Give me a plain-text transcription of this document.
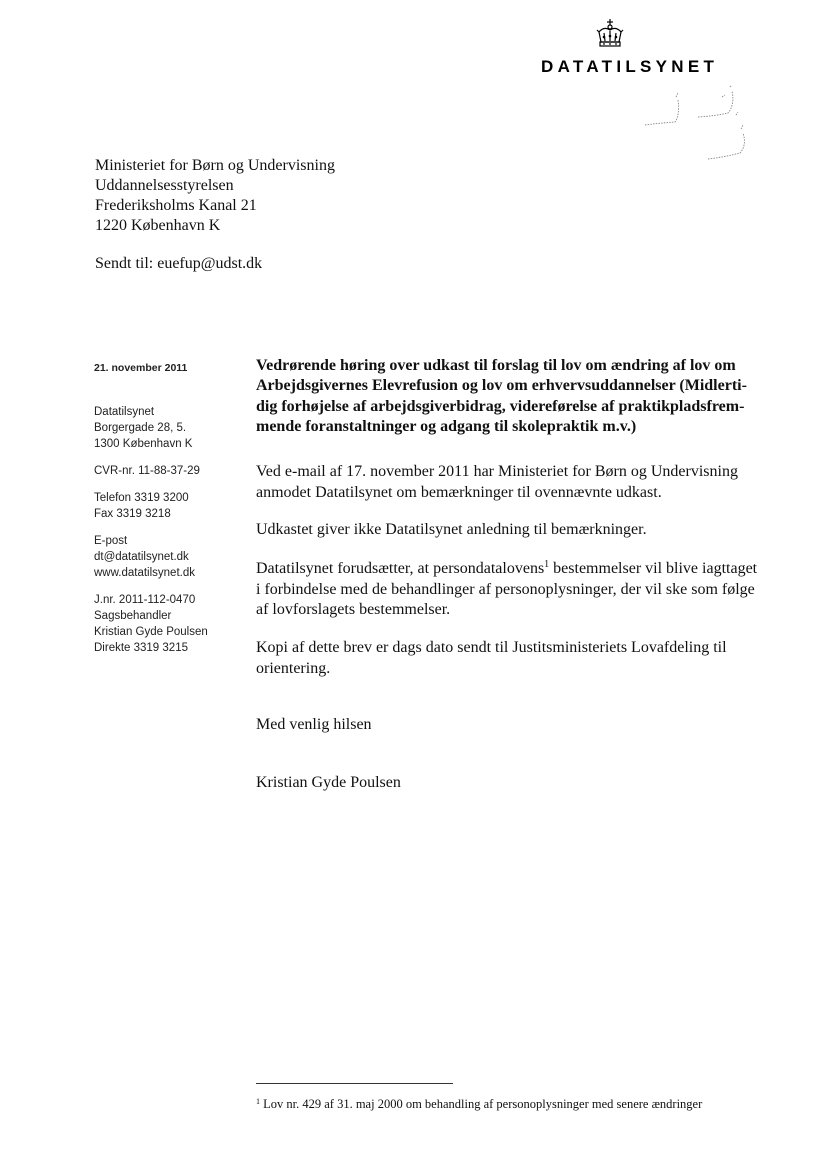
DATATILSYNET
Ministeriet for Børn og Undervisning
Uddannelsesstyrelsen
Frederiksholms Kanal 21
1220 København K
Sendt til: euefup@udst.dk
21. november 2011
Datatilsynet
Borgergade 28, 5.
1300 København K
CVR-nr. 11-88-37-29
Telefon 3319 3200
Fax 3319 3218
E-post
dt@datatilsynet.dk
www.datatilsynet.dk
J.nr. 2011-112-0470
Sagsbehandler
Kristian Gyde Poulsen
Direkte 3319 3215
Vedrørende høring over udkast til forslag til lov om ændring af lov om
Arbejdsgivernes Elevrefusion og lov om erhvervsuddannelser (Midlerti-
dig forhøjelse af arbejdsgiverbidrag, videreførelse af praktikpladsfrem-
mende foranstaltninger og adgang til skolepraktik m.v.)
Ved e-mail af 17. november 2011 har Ministeriet for Børn og Undervisning
anmodet Datatilsynet om bemærkninger til ovennævnte udkast.
Udkastet giver ikke Datatilsynet anledning til bemærkninger.
Datatilsynet forudsætter, at persondatalovens$^1$ bestemmelser vil blive iagttaget
i forbindelse med de behandlinger af personoplysninger, der vil ske som følge
af lovforslagets bestemmelser.
Kopi af dette brev er dags dato sendt til Justitsministeriets Lovafdeling til
orientering.
Med venlig hilsen
Kristian Gyde Poulsen
$^1$ Lov nr. 429 af 31. maj 2000 om behandling af personoplysninger med senere ændringer
